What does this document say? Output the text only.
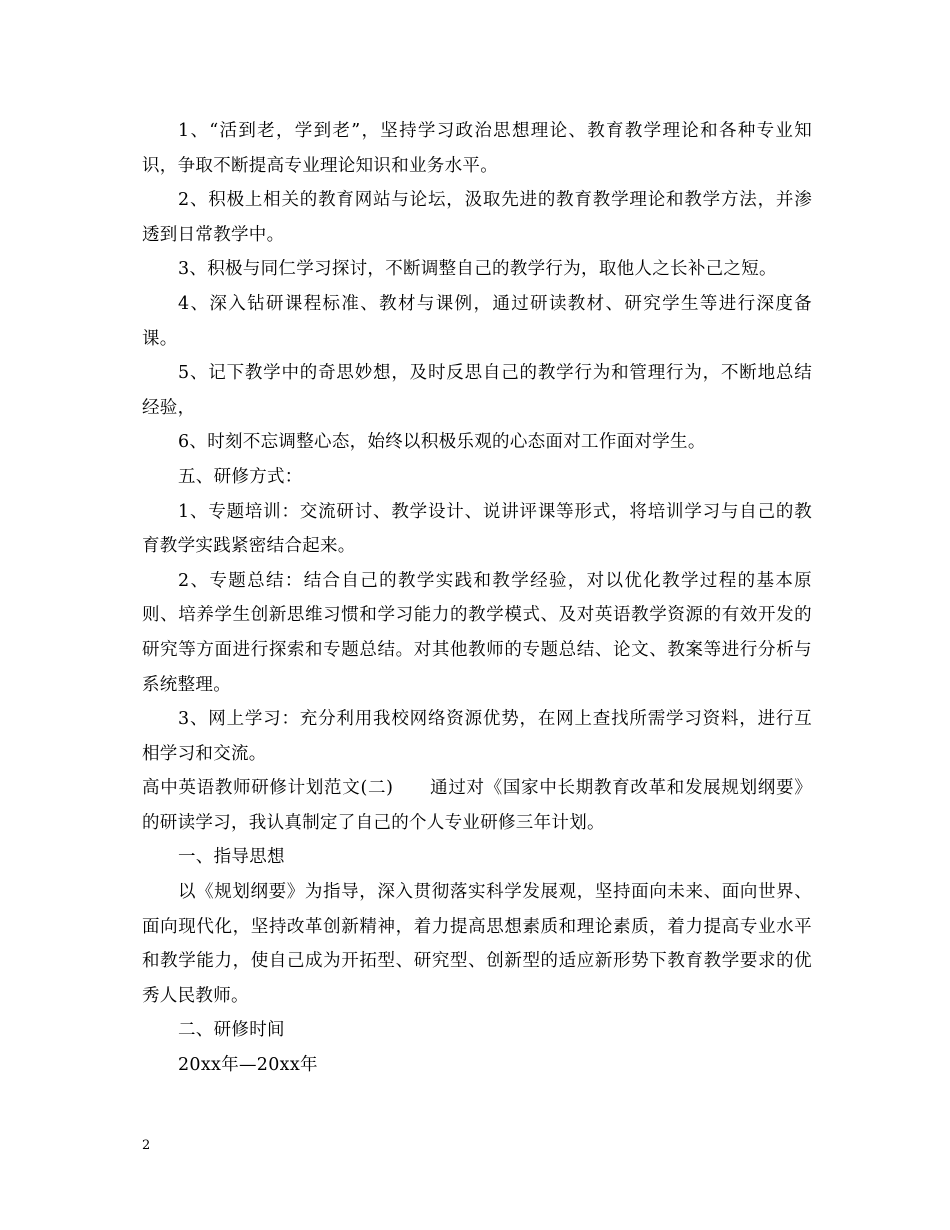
1、“活到老，学到老”，坚持学习政治思想理论、教育教学理论和各种专业知识，争取不断提高专业理论知识和业务水平。

2、积极上相关的教育网站与论坛，汲取先进的教育教学理论和教学方法，并渗透到日常教学中。

3、积极与同仁学习探讨，不断调整自己的教学行为，取他人之长补己之短。

4、深入钻研课程标准、教材与课例，通过研读教材、研究学生等进行深度备课。

5、记下教学中的奇思妙想，及时反思自己的教学行为和管理行为，不断地总结经验，

6、时刻不忘调整心态，始终以积极乐观的心态面对工作面对学生。

五、研修方式：

1、专题培训：交流研讨、教学设计、说讲评课等形式，将培训学习与自己的教育教学实践紧密结合起来。

2、专题总结：结合自己的教学实践和教学经验，对以优化教学过程的基本原则、培养学生创新思维习惯和学习能力的教学模式、及对英语教学资源的有效开发的研究等方面进行探索和专题总结。对其他教师的专题总结、论文、教案等进行分析与系统整理。

3、网上学习：充分利用我校网络资源优势，在网上查找所需学习资料，进行互相学习和交流。

高中英语教师研修计划范文(二)　　通过对《国家中长期教育改革和发展规划纲要》的研读学习，我认真制定了自己的个人专业研修三年计划。

一、指导思想

以《规划纲要》为指导，深入贯彻落实科学发展观，坚持面向未来、面向世界、面向现代化，坚持改革创新精神，着力提高思想素质和理论素质，着力提高专业水平和教学能力，使自己成为开拓型、研究型、创新型的适应新形势下教育教学要求的优秀人民教师。

二、研修时间

20xx年—20xx年

2
